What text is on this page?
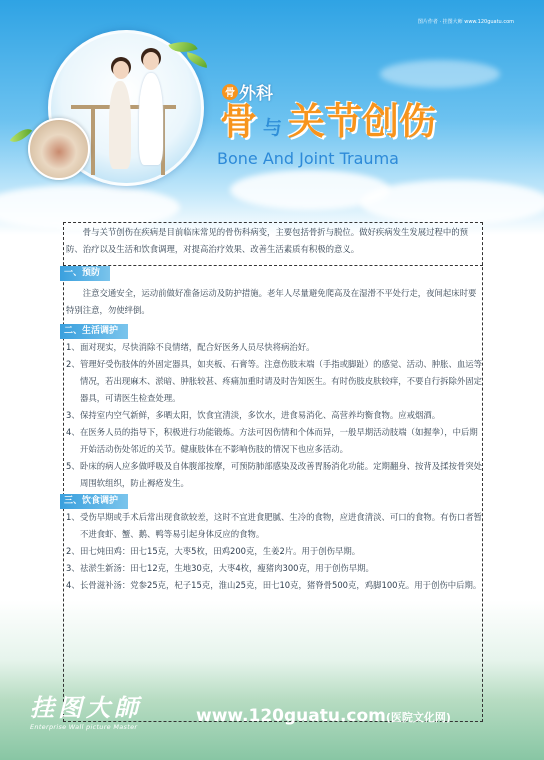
图片作者 · 挂图大师 www.120guatu.com
骨 外科
骨 与 关节创伤
Bone And Joint Trauma

骨与关节创伤在疾病是目前临床常见的骨伤科病变，主要包括骨折与脱位。做好疾病发生发展过程中的预防、治疗以及生活和饮食调理，对提高治疗效果、改善生活素质有积极的意义。

一、预防

注意交通安全，运动前做好准备运动及防护措施。老年人尽量避免爬高及在湿滑不平处行走，夜间起床时要特别注意，勿使绊倒。

二、生活调护
1、 面对现实，尽快消除不良情绪，配合好医务人员尽快将病治好。
2、 管理好受伤肢体的外固定器具，如夹板、石膏等。注意伤肢末端（手指或脚趾）的感觉、活动、肿胀、血运等情况，若出现麻木、淤暗、肿胀较甚、疼痛加重时请及时告知医生。有时伤肢皮肤较痒，不要自行拆除外固定器具，可请医生检查处理。
3、 保持室内空气新鲜，多晒太阳，饮食宜清淡，多饮水，进食易消化、高营养均衡食物。应戒烟酒。
4、 在医务人员的指导下，积极进行功能锻炼。方法可因伤情和个体而异，一般早期活动肢端（如握拳），中后期开始活动伤处邻近的关节。健康肢体在不影响伤肢的情况下也应多活动。
5、 卧床的病人应多做呼吸及自体腹部按摩，可预防肺部感染及改善胃肠消化功能。定期翻身、按背及揉按骨突处周围软组织，防止褥疮发生。
三、饮食调护
1、 受伤早期或手术后常出现食欲较差，这时不宜进食肥腻、生冷的食物，应进食清淡、可口的食物。有伤口者暂不进食虾、蟹、鹅、鸭等易引起身体反应的食物。
2、 田七炖田鸡：田七15克，大枣5枚，田鸡200克，生姜2片。用于创伤早期。
3、 祛淤生新汤：田七12克，生地30克，大枣4枚，瘦猪肉300克，用于创伤早期。
4、 长骨滋补汤：党参25克，杞子15克，淮山25克，田七10克，猪脊骨500克，鸡脚100克。用于创伤中后期。
挂图大師
Enterprise Wall picture Master
www.120guatu.com(医院文化网)
